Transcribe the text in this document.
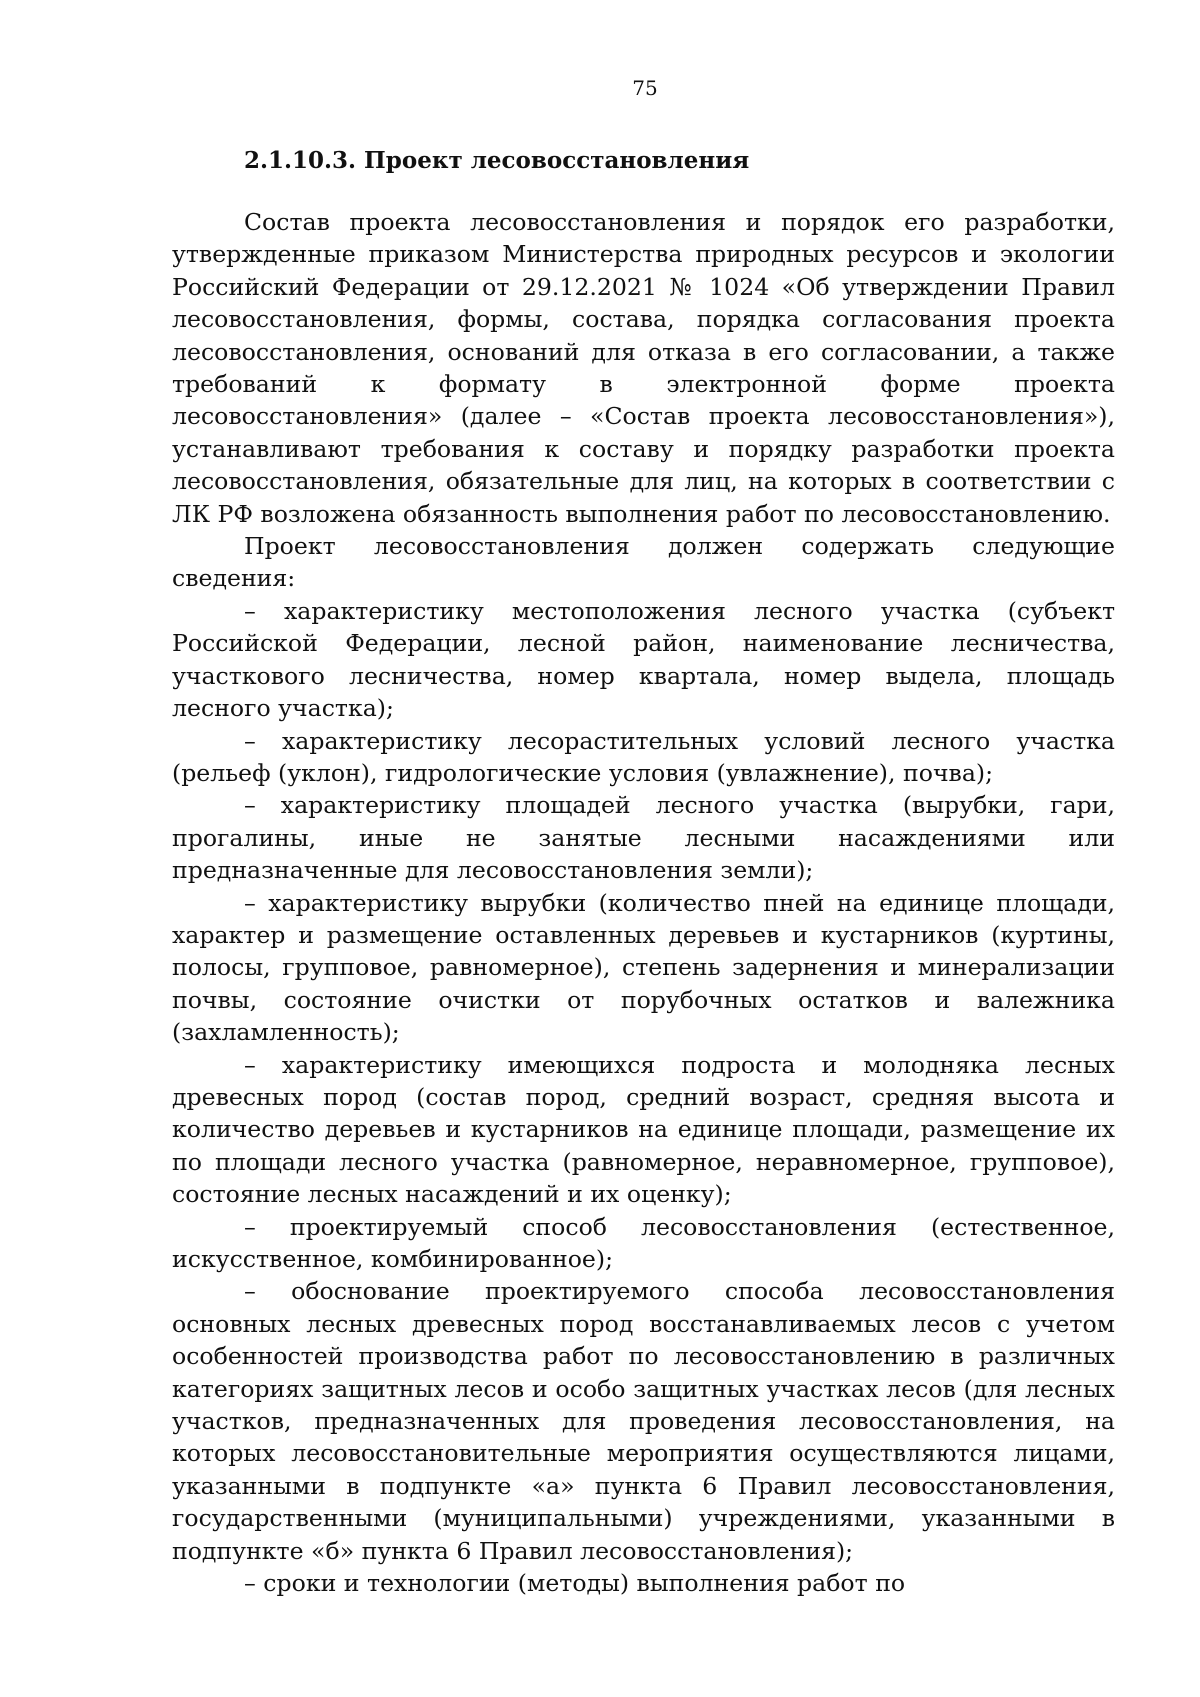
75
2.1.10.3. Проект лесовосстановления

Состав проекта лесовосстановления и порядок его разработки, утвержденные приказом Министерства природных ресурсов и экологии Российский Федерации от 29.12.2021 № 1024 «Об утверждении Правил лесовосстановления, формы, состава, порядка согласования проекта лесовосстановления, оснований для отказа в его согласовании, а также требований к формату в электронной форме проекта лесовосстановления» (далее – «Состав проекта лесовосстановления»), устанавливают требования к составу и порядку разработки проекта лесовосстановления, обязательные для лиц, на которых в соответствии с ЛК РФ возложена обязанность выполнения работ по лесовосстановлению.

Проект лесовосстановления должен содержать следующие сведения:

– характеристику местоположения лесного участка (субъект Российской Федерации, лесной район, наименование лесничества, участкового лесничества, номер квартала, номер выдела, площадь лесного участка);

– характеристику лесорастительных условий лесного участка (рельеф (уклон), гидрологические условия (увлажнение), почва);

– характеристику площадей лесного участка (вырубки, гари, прогалины, иные не занятые лесными насаждениями или предназначенные для лесовосстановления земли);

– характеристику вырубки (количество пней на единице площади, характер и размещение оставленных деревьев и кустарников (куртины, полосы, групповое, равномерное), степень задернения и минерализации почвы, состояние очистки от порубочных остатков и валежника (захламленность);

– характеристику имеющихся подроста и молодняка лесных древесных пород (состав пород, средний возраст, средняя высота и количество деревьев и кустарников на единице площади, размещение их по площади лесного участка (равномерное, неравномерное, групповое), состояние лесных насаждений и их оценку);

– проектируемый способ лесовосстановления (естественное, искусственное, комбинированное);

– обоснование проектируемого способа лесовосстановления основных лесных древесных пород восстанавливаемых лесов с учетом особенностей производства работ по лесовосстановлению в различных категориях защитных лесов и особо защитных участках лесов (для лесных участков, предназначенных для проведения лесовосстановления, на которых лесовосстановительные мероприятия осуществляются лицами, указанными в подпункте «а» пункта 6 Правил лесовосстановления, государственными (муниципальными) учреждениями, указанными в подпункте «б» пункта 6 Правил лесовосстановления);

– сроки и технологии (методы) выполнения работ по
